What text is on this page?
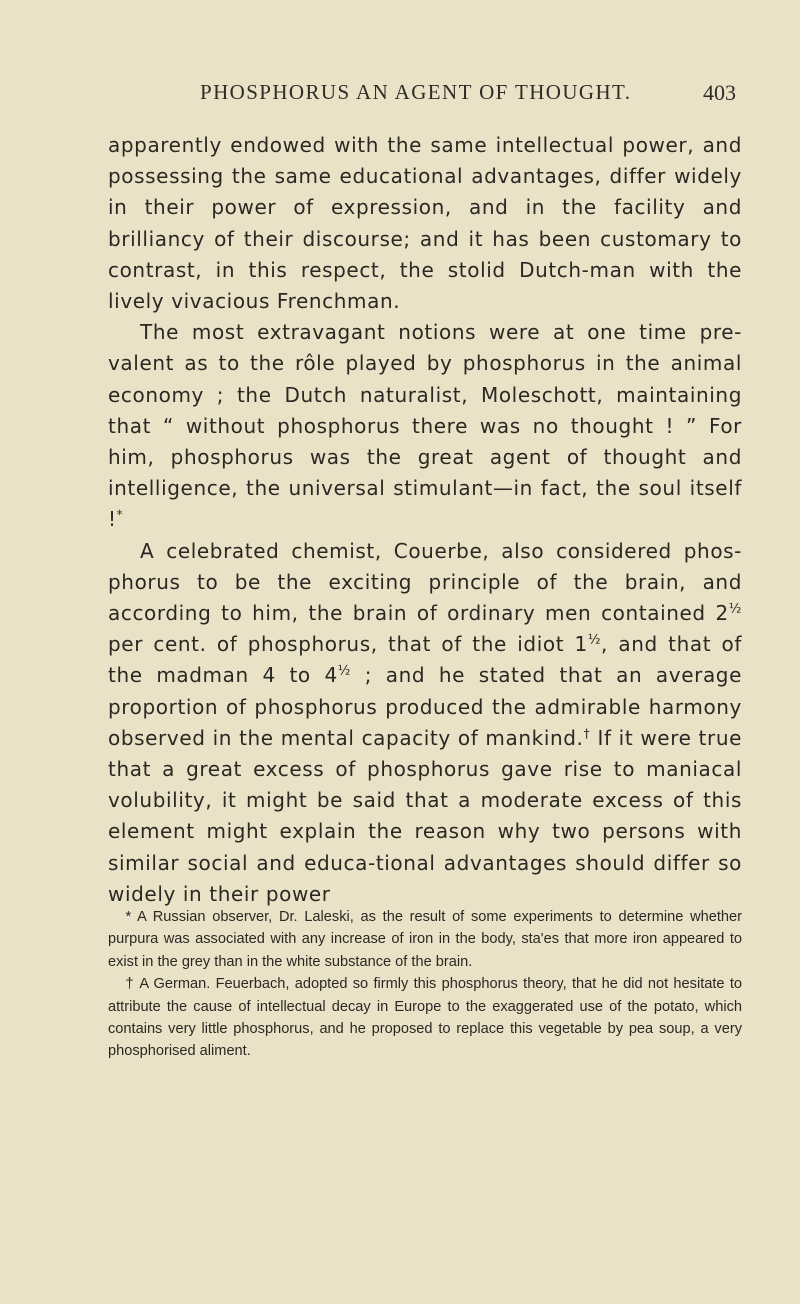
PHOSPHORUS AN AGENT OF THOUGHT.	403

apparently endowed with the same intellectual power, and possessing the same educational advantages, differ widely in their power of expression, and in the facility and brilliancy of their discourse; and it has been customary to contrast, in this respect, the stolid Dutch-man with the lively vivacious Frenchman.

The most extravagant notions were at one time pre-valent as to the rôle played by phosphorus in the animal economy ; the Dutch naturalist, Moleschott, maintaining that “ without phosphorus there was no thought ! ” For him, phosphorus was the great agent of thought and intelligence, the universal stimulant—in fact, the soul itself !*

A celebrated chemist, Couerbe, also considered phos-phorus to be the exciting principle of the brain, and according to him, the brain of ordinary men contained $2^{\frac{1}{2}}$ per cent. of phosphorus, that of the idiot $1^{\frac{1}{2}}$, and that of the madman 4 to $4^{\frac{1}{2}}$ ; and he stated that an average proportion of phosphorus produced the admirable harmony observed in the mental capacity of mankind.† If it were true that a great excess of phosphorus gave rise to maniacal volubility, it might be said that a moderate excess of this element might explain the reason why two persons with similar social and educa-tional advantages should differ so widely in their power

* A Russian observer, Dr. Laleski, as the result of some experiments to determine whether purpura was associated with any increase of iron in the body, sta'es that more iron appeared to exist in the grey than in the white substance of the brain.

† A German. Feuerbach, adopted so firmly this phosphorus theory, that he did not hesitate to attribute the cause of intellectual decay in Europe to the exaggerated use of the potato, which contains very little phosphorus, and he proposed to replace this vegetable by pea soup, a very phosphorised aliment.
